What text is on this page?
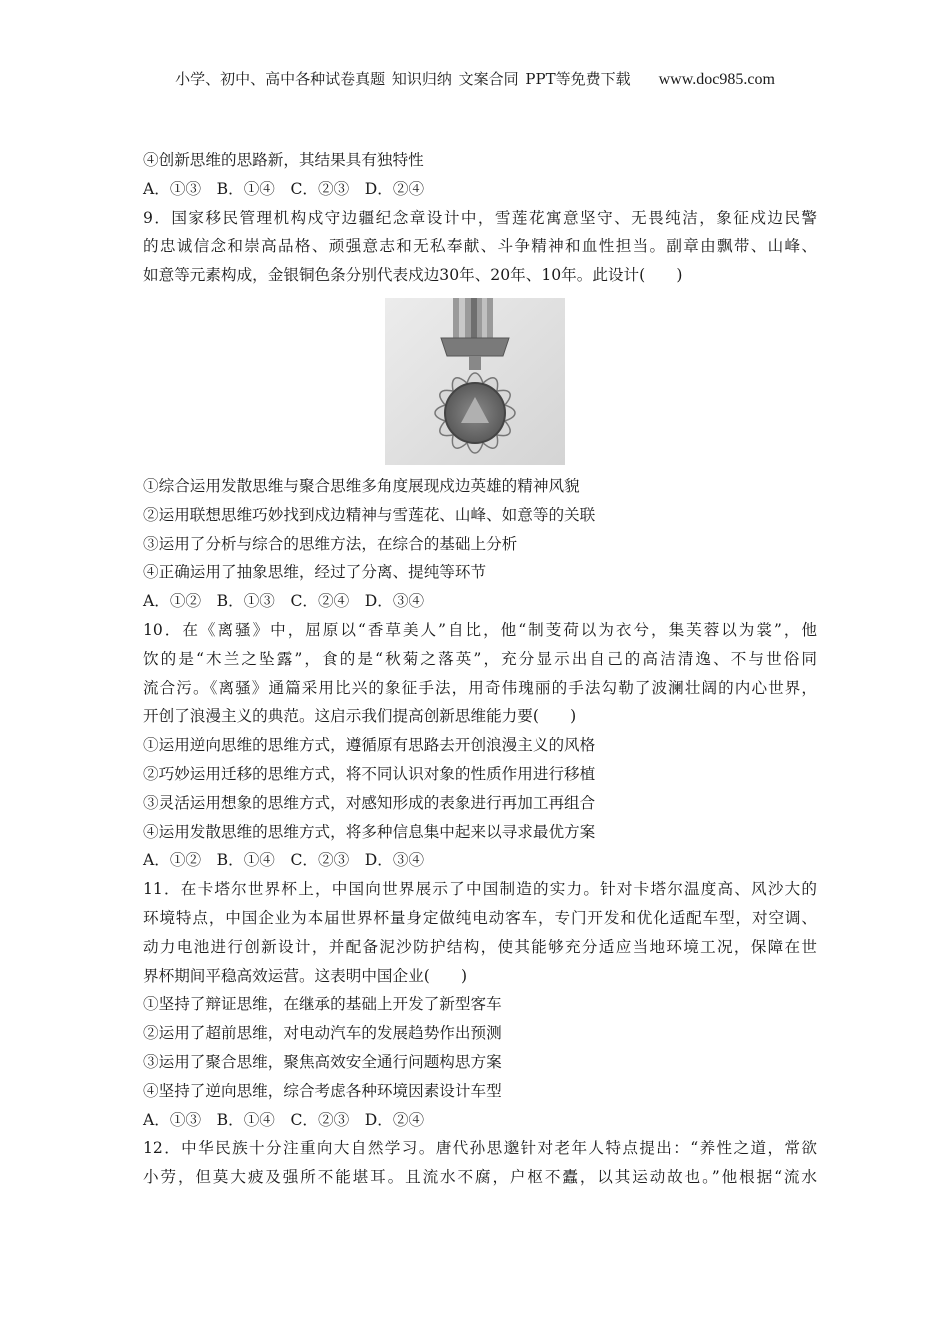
小学、初中、高中各种试卷真题 知识归纳 文案合同 PPT等免费下载 www.doc985.com
④创新思维的思路新，其结果具有独特性
A．①③　B．①④　C．②③　D．②④
9．国家移民管理机构戍守边疆纪念章设计中，雪莲花寓意坚守、无畏纯洁，象征戍边民警
的忠诚信念和崇高品格、顽强意志和无私奉献、斗争精神和血性担当。副章由飘带、山峰、
如意等元素构成，金银铜色条分别代表戍边30年、20年、10年。此设计(　　)
①综合运用发散思维与聚合思维多角度展现戍边英雄的精神风貌
②运用联想思维巧妙找到戍边精神与雪莲花、山峰、如意等的关联
③运用了分析与综合的思维方法，在综合的基础上分析
④正确运用了抽象思维，经过了分离、提纯等环节
A．①②　B．①③　C．②④　D．③④
10．在《离骚》中，屈原以“香草美人”自比，他“制芰荷以为衣兮，集芙蓉以为裳”，他
饮的是“木兰之坠露”，食的是“秋菊之落英”，充分显示出自己的高洁清逸、不与世俗同
流合污。《离骚》通篇采用比兴的象征手法，用奇伟瑰丽的手法勾勒了波澜壮阔的内心世界，
开创了浪漫主义的典范。这启示我们提高创新思维能力要(　　)
①运用逆向思维的思维方式，遵循原有思路去开创浪漫主义的风格
②巧妙运用迁移的思维方式，将不同认识对象的性质作用进行移植
③灵活运用想象的思维方式，对感知形成的表象进行再加工再组合
④运用发散思维的思维方式，将多种信息集中起来以寻求最优方案
A．①②　B．①④　C．②③　D．③④
11．在卡塔尔世界杯上，中国向世界展示了中国制造的实力。针对卡塔尔温度高、风沙大的
环境特点，中国企业为本届世界杯量身定做纯电动客车，专门开发和优化适配车型，对空调、
动力电池进行创新设计，并配备泥沙防护结构，使其能够充分适应当地环境工况，保障在世
界杯期间平稳高效运营。这表明中国企业(　　)
①坚持了辩证思维，在继承的基础上开发了新型客车
②运用了超前思维，对电动汽车的发展趋势作出预测
③运用了聚合思维，聚焦高效安全通行问题构思方案
④坚持了逆向思维，综合考虑各种环境因素设计车型
A．①③　B．①④　C．②③　D．②④
12．中华民族十分注重向大自然学习。唐代孙思邈针对老年人特点提出：“养性之道，常欲
小劳，但莫大疲及强所不能堪耳。且流水不腐，户枢不蠹，以其运动故也。”他根据“流水
